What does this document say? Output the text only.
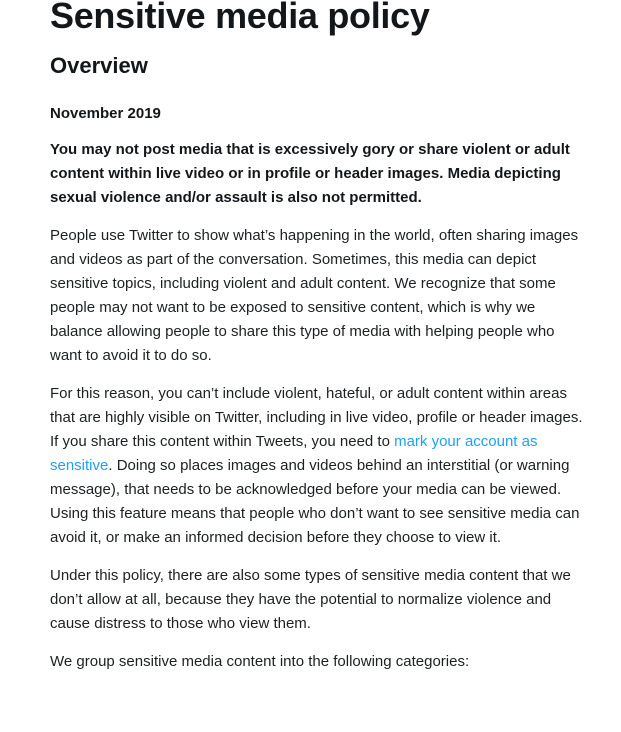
Sensitive media policy
Overview
November 2019
You may not post media that is excessively gory or share violent or adult content within live video or in profile or header images. Media depicting sexual violence and/or assault is also not permitted.

People use Twitter to show what’s happening in the world, often sharing images and videos as part of the conversation. Sometimes, this media can depict sensitive topics, including violent and adult content. We recognize that some people may not want to be exposed to sensitive content, which is why we balance allowing people to share this type of media with helping people who want to avoid it to do so.

For this reason, you can’t include violent, hateful, or adult content within areas that are highly visible on Twitter, including in live video, profile or header images. If you share this content within Tweets, you need to mark your account as sensitive. Doing so places images and videos behind an interstitial (or warning message), that needs to be acknowledged before your media can be viewed. Using this feature means that people who don’t want to see sensitive media can avoid it, or make an informed decision before they choose to view it.

Under this policy, there are also some types of sensitive media content that we don’t allow at all, because they have the potential to normalize violence and cause distress to those who view them.

We group sensitive media content into the following categories:
